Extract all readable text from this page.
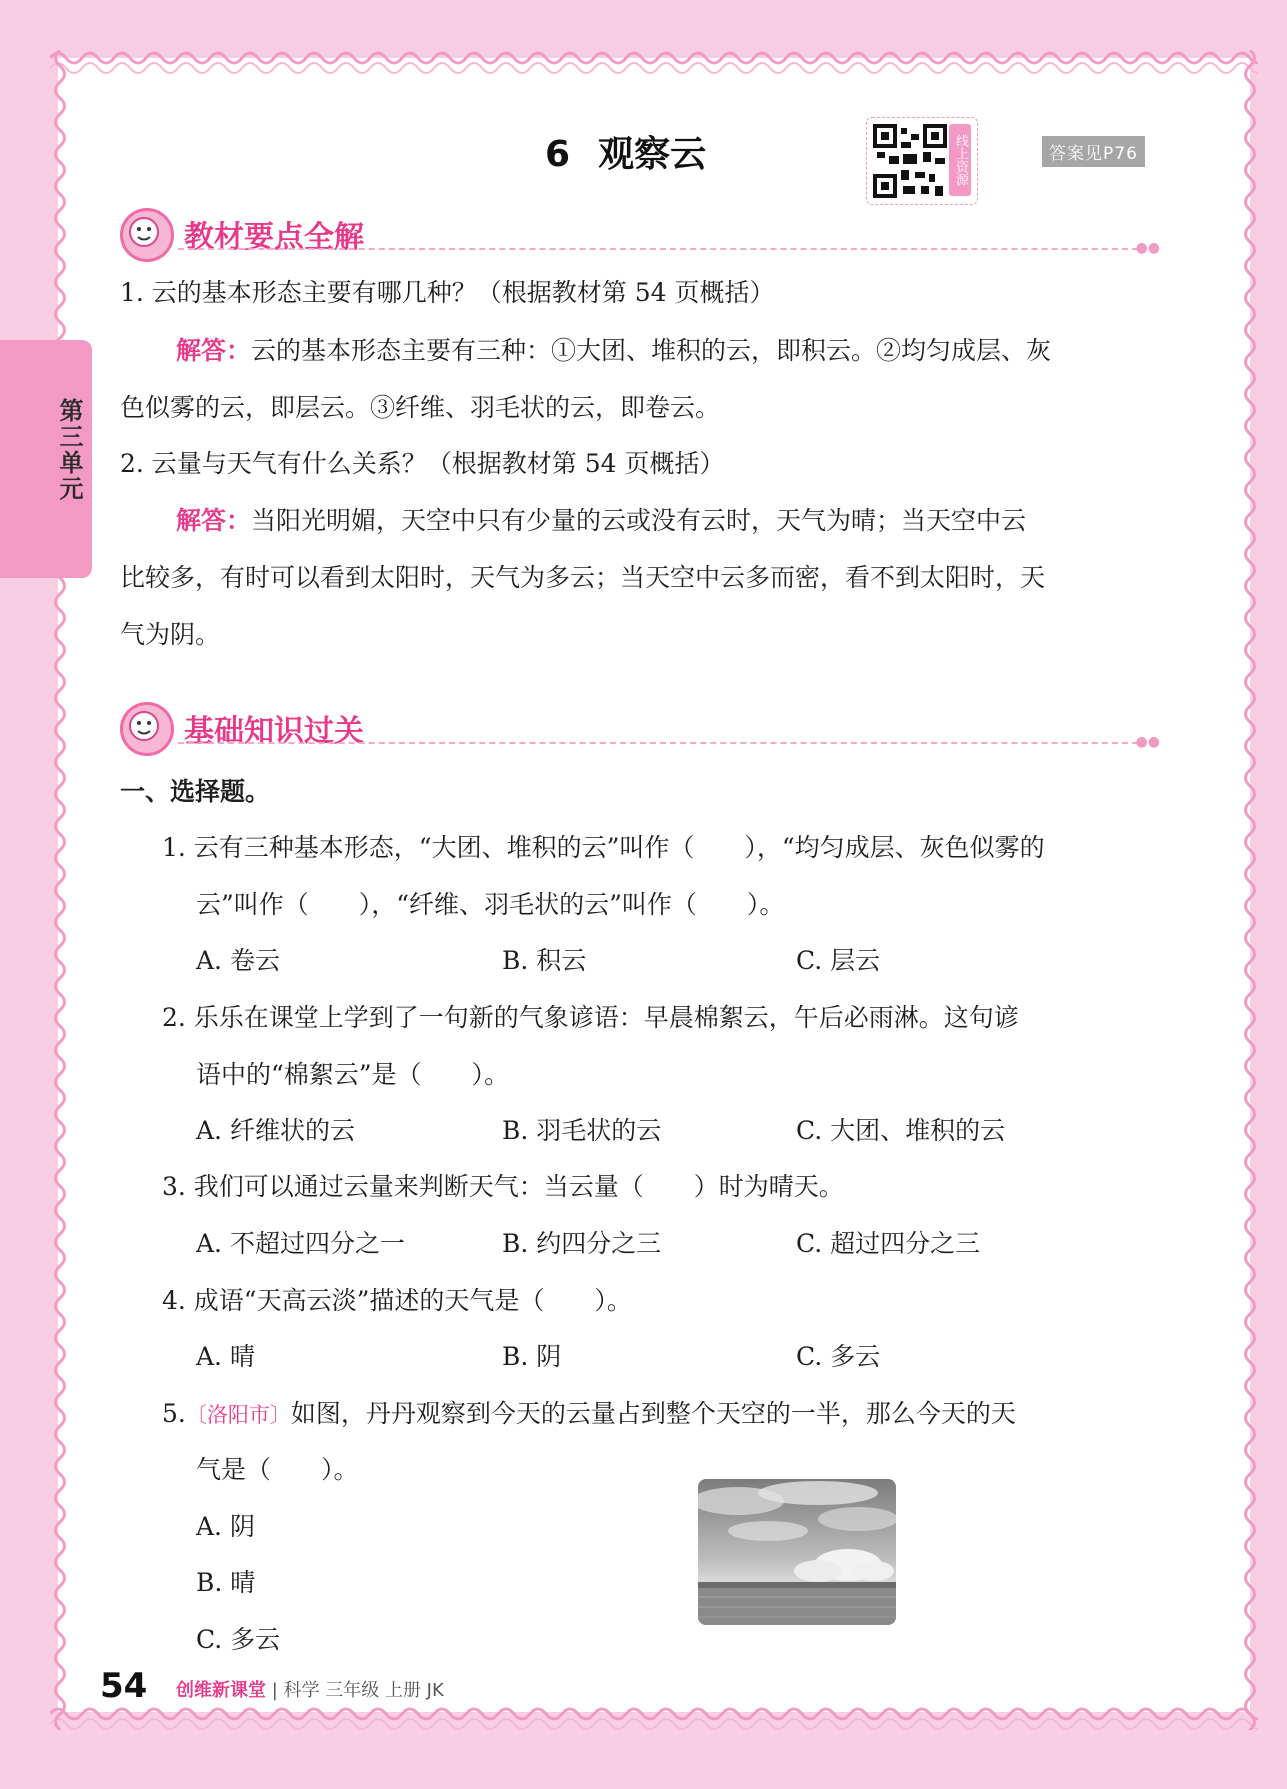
第三单元
6 观察云	线上资源	答案见P76
教材要点全解	●●
1. 云的基本形态主要有哪几种？（根据教材第 54 页概括）
解答：云的基本形态主要有三种：①大团、堆积的云，即积云。②均匀成层、灰
色似雾的云，即层云。③纤维、羽毛状的云，即卷云。
2. 云量与天气有什么关系？（根据教材第 54 页概括）
解答：当阳光明媚，天空中只有少量的云或没有云时，天气为晴；当天空中云
比较多，有时可以看到太阳时，天气为多云；当天空中云多而密，看不到太阳时，天
气为阴。
基础知识过关	●●
一、选择题。
1. 云有三种基本形态，“大团、堆积的云”叫作（　　），“均匀成层、灰色似雾的
云”叫作（　　），“纤维、羽毛状的云”叫作（　　）。
A. 卷云	B. 积云	C. 层云
2. 乐乐在课堂上学到了一句新的气象谚语：早晨棉絮云，午后必雨淋。这句谚
语中的“棉絮云”是（　　）。
A. 纤维状的云	B. 羽毛状的云	C. 大团、堆积的云
3. 我们可以通过云量来判断天气：当云量（　　）时为晴天。
A. 不超过四分之一	B. 约四分之三	C. 超过四分之三
4. 成语“天高云淡”描述的天气是（　　）。
A. 晴	B. 阴	C. 多云
5.〔洛阳市〕如图，丹丹观察到今天的云量占到整个天空的一半，那么今天的天
气是（　　）。
A. 阴
B. 晴
C. 多云
54 创维新课堂 | 科学 三年级 上册 JK
